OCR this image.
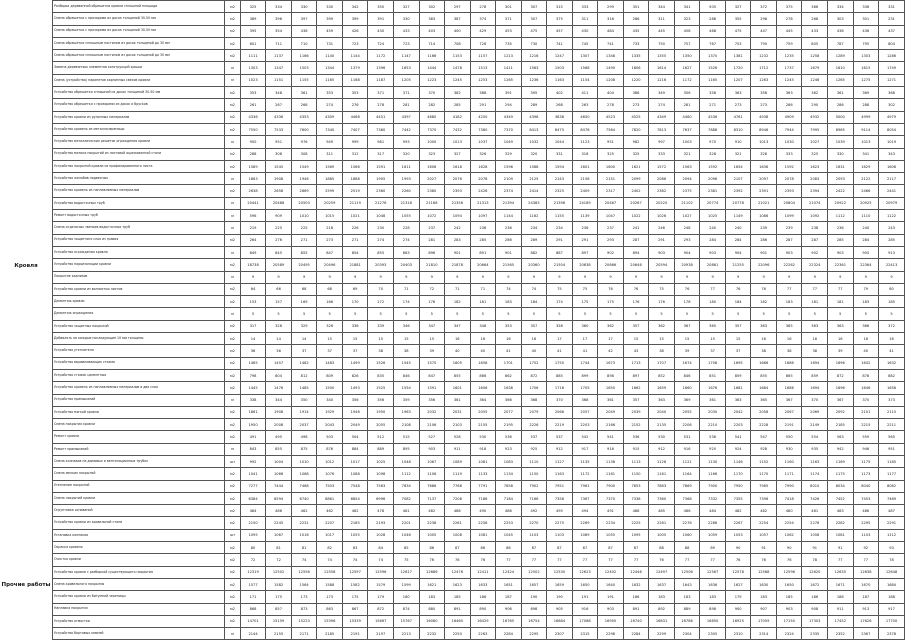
Кровля
Прочие работы
Разборка деревянной обрешетки кровли сплошной площади	м2	325	334	330	330	342	350	327	302	297	278	301	307	315	333	299	351	344	341	505	327	372	375	366	334	336	331
Смена обрешетки с прозорами из досок толщиной 30-50 мм	м2	389	396	397	399	399	391	330	383	387	374	371	307	375	311	316	286	311	323	286	355	298	278	268	303	301	231
Смена обрешетки с прозорами из досок толщиной 30-50 мм	м2	395	354	436	459	426	430	433	403	400	429	453	475	457	430	484	435	445	458	468	475	447	445	433	436	436	437
Смена обрешетки сплошным настилом из досок толщиной до 30 мм	м2	601	711	710	731	723	724	723	714	708	726	735	730	741	745	741	733	750	757	767	753	790	759	805	787	795	804
Смена обрешетки сплошным настилом из досок толщиной до 30 мм	м2	1111	1137	1166	1140	1144	1172	1147	1166	1153	1157	1213	1216	1247	1307	1348	1335	1355	1350	1370	1381	1232	1235	1258	1289	1303	1286
Замена деревянных элементов конструкций крыши	м	1303	1347	1503	1344	1379	1396	1653	1444	1478	1513	1411	1563	1503	1568	1490	1606	1614	1627	1526	1720	1712	1737	1679	1610	1615	1749
Смена (устройство) парапетов карнизных свесов кровли	м	1023	1151	1155	1165	1168	1187	1205	1223	1245	1253	1265	1236	1163	1154	1208	1220	1216	1172	1165	1207	1263	1245	1246	1265	1275	1271
Устройство обрешетки сплошной из досок толщиной 30-50 мм	м2	353	348	361	353	353	371	371	370	382	388	391	395	402	411	404	388	349	356	358	363	358	363	362	361	369	368
Устройство обрешетки с прозорами из досок и брусков	м2	261	267	268	274	276	278	281	282	285	291	294	289	268	263	278	273	274	281	271	273	273	286	290	286	288	302
Устройство кровли из рулонных материалов	м2	4336	4336	4353	4309	4468	4451	4397	4680	4182	4250	4349	4398	3838	4650	4523	4525	4349	4460	4536	4761	4938	4909	4932	5000	4999	4979
Устройство кровель из металлочерепицы	м2	7550	7533	7600	7340	7407	7360	7442	7370	7432	7360	7370	8413	8475	8476	7564	7820	7813	7637	7888	8310	8946	7944	7995	8965	9114	8054
Устройство металлических решеток ограждения кровли	м	950	951	976	949	999	981	993	1000	1013	1037	1049	1032	1044	1123	951	982	997	1003	970	910	1013	1030	1027	1039	1013	1019
Устройство мелких покрытий из листовой оцинкованной стали	м2	288	308	308	311	312	317	320	323	327	326	329	320	331	318	325	325	333	321	328	321	328	333	325	330	341	343
Устройство покрытий кровли из профилированного листа	м2	1589	1545	1549	1569	1566	1591	1611	1606	1618	1628	1596	1588	1594	1601	1600	1621	1572	1563	1592	1654	1636	1592	1623	1631	1629	1606
Устройство желобов подвесных	м	1863	1908	1946	1885	1888	1905	1993	2027	2076	2078	2109	2125	2143	2156	2151	2099	2086	2094	2096	2107	2097	2078	2083	2093	2122	2117
Устройство кровель из наплавляемых материалов	м2	2638	2658	2669	2599	2519	2360	2260	2380	2393	2426	2374	2414	2325	2409	2317	2402	2382	2375	2381	2392	2391	2393	2394	2422	2466	2441
Устройство водосточных труб	м	20441	20468	20503	20259	21119	21276	21318	21168	21356	21313	21394	24385	21398	24189	20467	20267	20220	21102	20774	20778	21021	20804	21074	20922	20925	20979
Ремонт водосточных труб	м	596	909	1010	1015	1021	1048	1055	1072	1094	1097	1144	1162	1155	1139	1047	1022	1026	1027	1025	1149	1086	1099	1092	1112	1110	1122
Смена отдельных звеньев водосточных труб	м	219	225	225	218	226	230	228	237	242	236	236	234	234	236	237	241	246	248	240	240	239	239	238	236	240	243
Устройство защитного слоя из гравия	м2	264	276	271	273	271	274	274	281	283	285	286	289	291	291	293	287	291	293	284	284	286	287	287	285	284	285
Устройство ограждения кровли	м	849	845	855	847	854	855	883	896	901	891	901	882	887	897	902	894	903	904	903	904	901	903	902	903	905	913
Устройство пароизоляции кровли	м2	18738	20589	20495	20496	21881	20393	20403	21810	21878	20664	21565	20360	21504	20638	20666	20646	20594	20938	20861	21255	22096	22262	22324	22361	22364	22413
Покрытие карнизов	м	9	9	9	9	9	9	9	9	9	9	9	9	9	9	9	9	9	9	9	9	9	9	9	9	9	9
Устройство кровли из волнистых листов	м2	64	66	68	68	69	70	71	72	71	71	74	74	75	75	76	76	75	76	77	76	76	77	77	77	79	80
Демонтаж кровли	м2	153	157	169	166	170	172	174	176	182	181	183	184	174	175	175	176	176	178	180	184	182	183	181	181	183	185
Демонтаж ограждения	м	5	5	5	5	5	5	5	5	5	5	5	5	5	5	5	5	5	5	5	5	5	5	5	5	5	5
Устройство защитных покрытий	м2	317	326	329	326	336	339	346	347	347	348	353	357	358	360	362	357	362	367	365	357	363	365	363	363	366	372
Добавлять на каждые последующие 10 мм толщины	м2	14	14	14	15	15	15	15	15	16	16	16	16	17	17	17	15	15	15	15	15	16	16	16	16	16	16
Устройство утеплителя	м2	36	36	37	37	37	38	38	39	40	40	41	40	41	41	42	43	38	39	37	37	38	38	38	39	40	41
Устройство выравнивающих стяжек	м2	1465	1457	1482	1483	1499	1526	1545	1570	1605	1658	1701	1752	1750	1744	1673	1713	1707	1674	1708	1695	1666	1686	1694	1696	1642	1632
Устройство стяжек цементных	м2	798	804	812	809	826	835	846	847	855	866	862	872	885	899	898	897	852	846	851	859	855	865	859	872	878	882
Устройство кровель из наплавляемых материалов в два слоя	м2	1445	1476	1485	1500	1493	1525	1554	1591	1601	1606	1638	1706	1716	1705	1650	1662	1659	1660	1676	1681	1684	1686	1694	1696	1646	1656
Устройство примыканий	м	338	344	350	340	356	356	359	356	361	364	366	368	370	368	361	357	363	369	361	363	365	367	370	367	370	373
Устройство мягкой кровли	м2	1861	1908	1914	1929	1946	1950	1963	2032	2031	2055	2077	2079	2066	2057	2049	2039	2040	2055	2030	2042	2058	2067	2069	2092	2101	2115
Смена покрытия кровли	м2	1950	2008	2037	2043	2049	2055	2108	2106	2103	2155	2195	2226	2219	2203	2166	2152	2135	2206	2210	2203	2228	2191	2149	2185	2215	2211
Ремонт кровли	м2	491	495	498	503	504	512	515	527	528	530	536	537	537	542	541	536	530	531	536	541	547	550	554	563	559	565
Ремонт примыканий	м	843	855	875	876	884	889	895	903	911	918	923	925	912	917	916	915	912	916	920	924	928	930	935	942	946	951
Смена колпаков на дымовых и вентиляционных трубах	шт	992	1004	1010	1012	1017	1025	1048	1067	1089	1081	1083	1110	1127	1135	1136	1113	1128	1121	1130	1146	1152	1160	1163	1169	1175	1185
Смена мелких покрытий	м2	1041	1066	1068	1076	1088	1098	1112	1106	1119	1133	1134	1150	1163	1172	1161	1150	1161	1164	1166	1170	1170	1171	1174	1175	1173	1177
Утепление покрытий	м2	7277	7444	7468	7503	7548	7563	7634	7686	7768	7791	7858	7902	7951	7961	7900	7853	7863	7869	7900	7950	7985	7990	8010	8034	8040	8062
Смена покрытий кровли	м2	6384	6594	6740	6861	6854	6996	7082	7137	7208	7186	7184	7166	7358	7367	7370	7338	7360	7368	7332	7355	7396	7418	7426	7452	7453	7469
Огрунтовка оснований	м2	484	486	462	462	462	478	481	482	486	490	486	492	495	494	491	486	485	486	484	482	482	480	481	483	486	487
Устройство кровли из кровельной стали	м2	2150	2245	2231	2207	2185	2193	2201	2238	2261	2258	2253	2270	2275	2269	2234	2225	2281	2276	2286	2267	2254	2254	2276	2282	2295	2291
Установка колпаков	шт	1095	1067	1016	1017	1055	1028	1046	1005	1008	1081	1045	1103	1103	1089	1055	1095	1005	1060	1059	1053	1057	1062	1058	1081	1103	1112
Окраска кровель	м2	80	81	81	82	83	84	85	86	87	86	86	87	87	87	87	87	88	88	89	90	91	90	91	91	92	93
Очистка кровли	м2	72	72	74	74	74	74	75	76	76	76	77	77	77	77	77	77	76	77	77	76	76	76	78	77	77	78
Устройство кровли с разборкой существующего покрытия	м2	12319	12502	12556	12558	12597	12596	12617	12686	12476	12411	12424	12502	12530	12623	12402	12446	12497	12506	12567	12578	12588	12596	12620	12635	12638	12648
Смена кровельного покрытия	м2	1577	1582	1564	1588	1582	1579	1599	1621	1623	1633	1651	1657	1659	1650	1640	1632	1637	1643	1636	1627	1630	1650	1672	1671	1670	1684
Устройство кровли из битумной черепицы	м2	171	175	173	173	175	179	180	183	185	186	187	190	190	191	191	186	183	183	183	179	183	185	186	186	187	188
Наплавка покрытия	м2	868	857	873	863	867	872	874	880	891	890	906	898	905	916	903	891	892	889	898	900	907	903	908	911	913	917
Устройство отмостки	м2	14701	15159	15223	15396	15339	15667	15767	16080	16460	16429	16765	16754	16884	17088	16950	16740	16831	16786	16850	16925	17059	17150	17303	17452	17626	17700
Устройство бортовых камней	м	2144	2155	2171	2185	2191	2197	2213	2232	2250	2263	2284	2295	2307	2315	2298	2284	2299	2304	2305	2310	2314	2324	2335	2352	2367	2378
